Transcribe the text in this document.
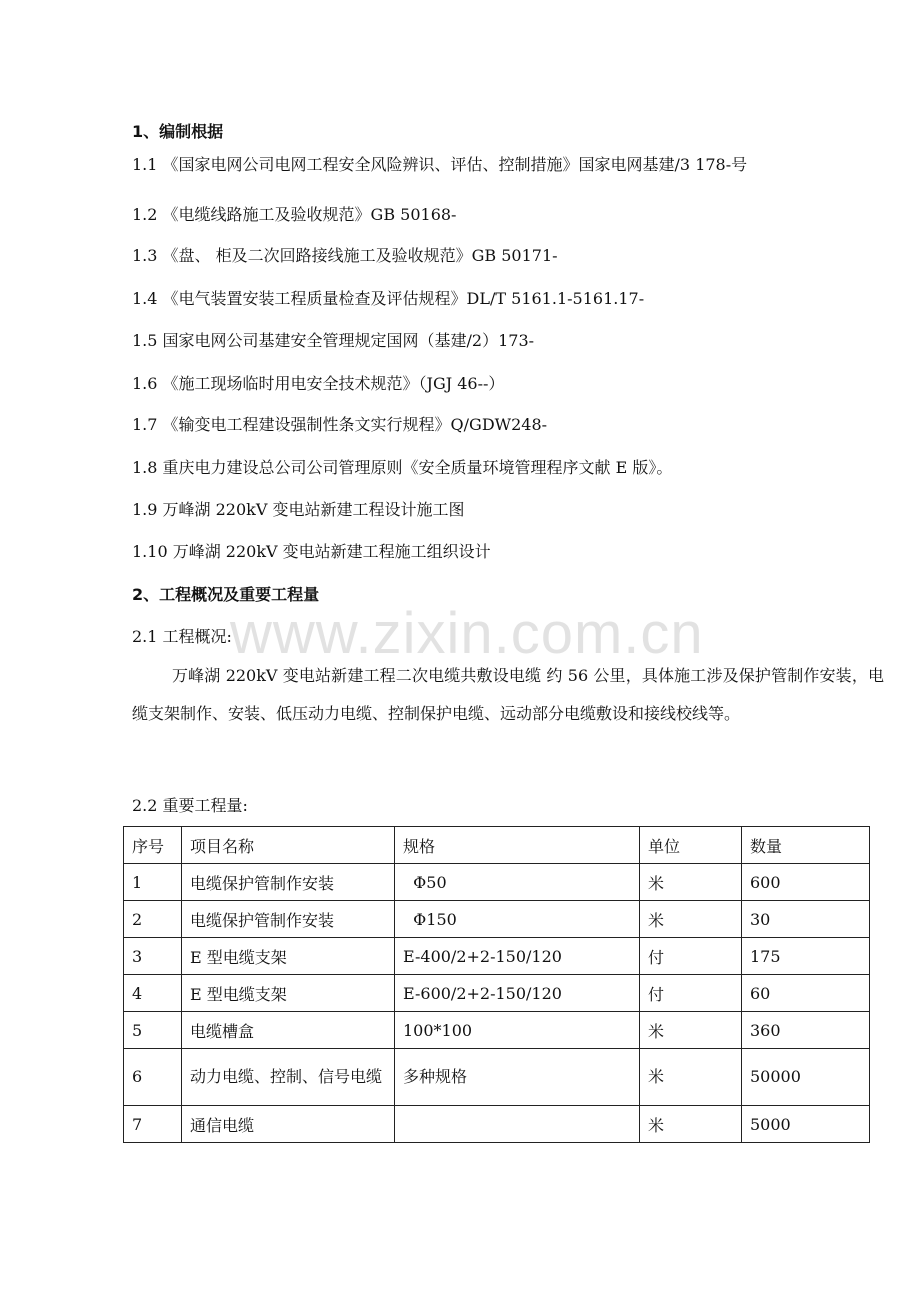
www.zixin.com.cn
1、编制根据
1.1 《国家电网公司电网工程安全风险辨识、评估、控制措施》国家电网基建/3 178-号
1.2 《电缆线路施工及验收规范》GB 50168-
1.3 《盘、 柜及二次回路接线施工及验收规范》GB 50171-
1.4 《电气装置安装工程质量检查及评估规程》DL/T 5161.1-5161.17-
1.5 国家电网公司基建安全管理规定国网（基建/2）173-
1.6 《施工现场临时用电安全技术规范》（JGJ 46--）
1.7 《输变电工程建设强制性条文实行规程》Q/GDW248-
1.8 重庆电力建设总公司公司管理原则《安全质量环境管理程序文献 E 版》。
1.9 万峰湖 220kV 变电站新建工程设计施工图
1.10 万峰湖 220kV 变电站新建工程施工组织设计
2、工程概况及重要工程量
2.1 工程概况:
万峰湖 220kV 变电站新建工程二次电缆共敷设电缆 约 56 公里，具体施工涉及保护管制作安装，电缆支架制作、安装、低压动力电缆、控制保护电缆、远动部分电缆敷设和接线校线等。
2.2 重要工程量:
序号	项目名称	规格	单位	数量
1	电缆保护管制作安装	Φ50	米	600
2	电缆保护管制作安装	Φ150	米	30
3	E 型电缆支架	E-400/2+2-150/120	付	175
4	E 型电缆支架	E-600/2+2-150/120	付	60
5	电缆槽盒	100*100	米	360
6	动力电缆、控制、信号电缆	多种规格	米	50000
7	通信电缆		米	5000
